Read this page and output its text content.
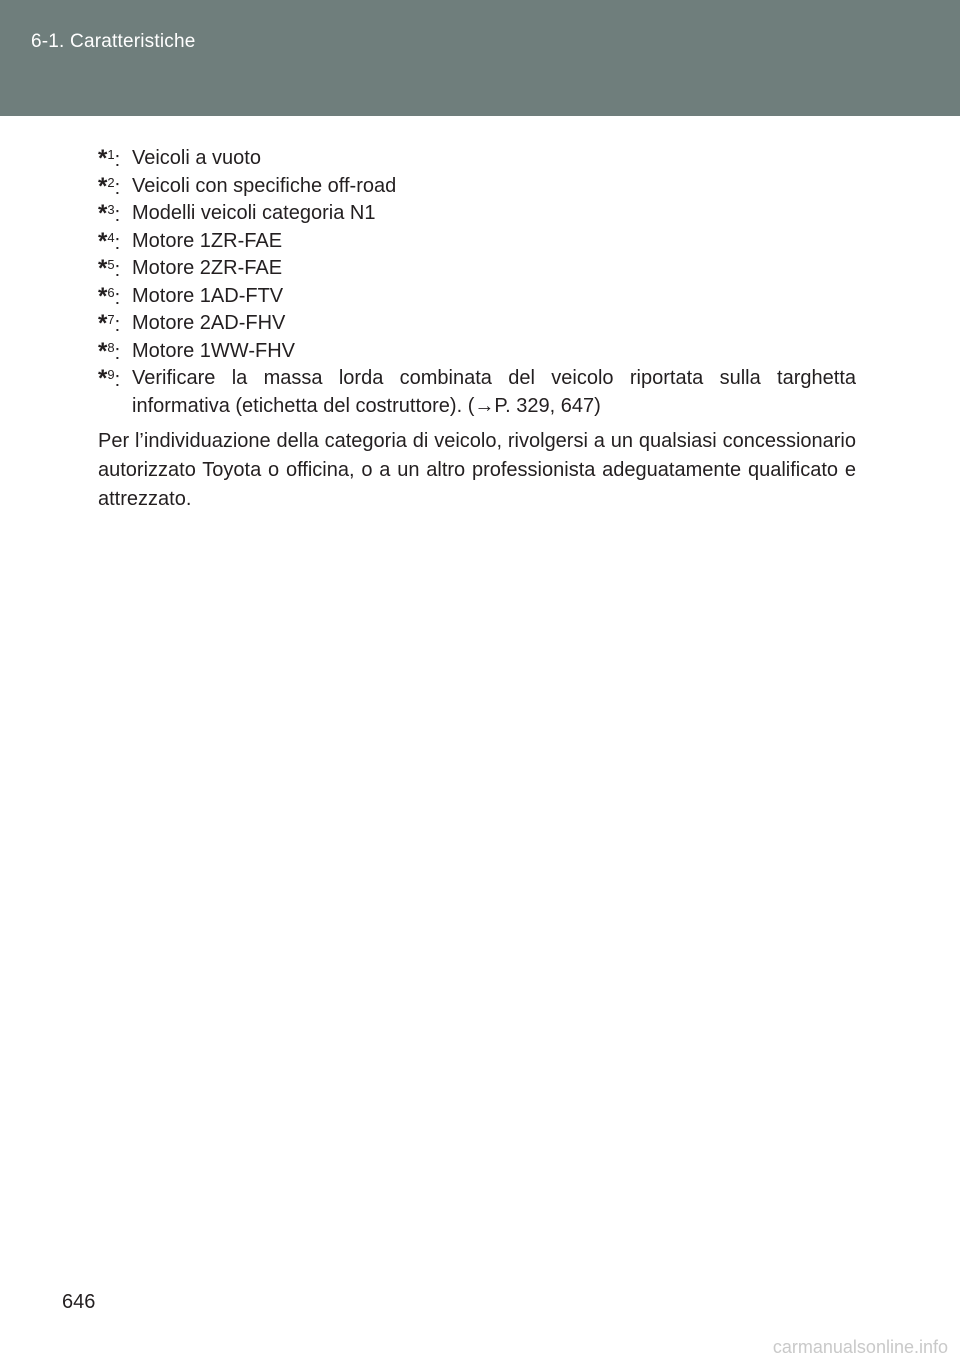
6-1. Caratteristiche
*$^1$: Veicoli a vuoto
*$^2$: Veicoli con specifiche off-road
*$^3$: Modelli veicoli categoria N1
*$^4$: Motore 1ZR-FAE
*$^5$: Motore 2ZR-FAE
*$^6$: Motore 1AD-FTV
*$^7$: Motore 2AD-FHV
*$^8$: Motore 1WW-FHV
*$^9$: Verificare la massa lorda combinata del veicolo riportata sulla targhetta informativa (etichetta del costruttore). (→P. 329, 647)

Per l’individuazione della categoria di veicolo, rivolgersi a un qualsiasi concessionario autorizzato Toyota o officina, o a un altro professionista adeguatamente qualificato e attrezzato.

646
carmanualsonline.info
